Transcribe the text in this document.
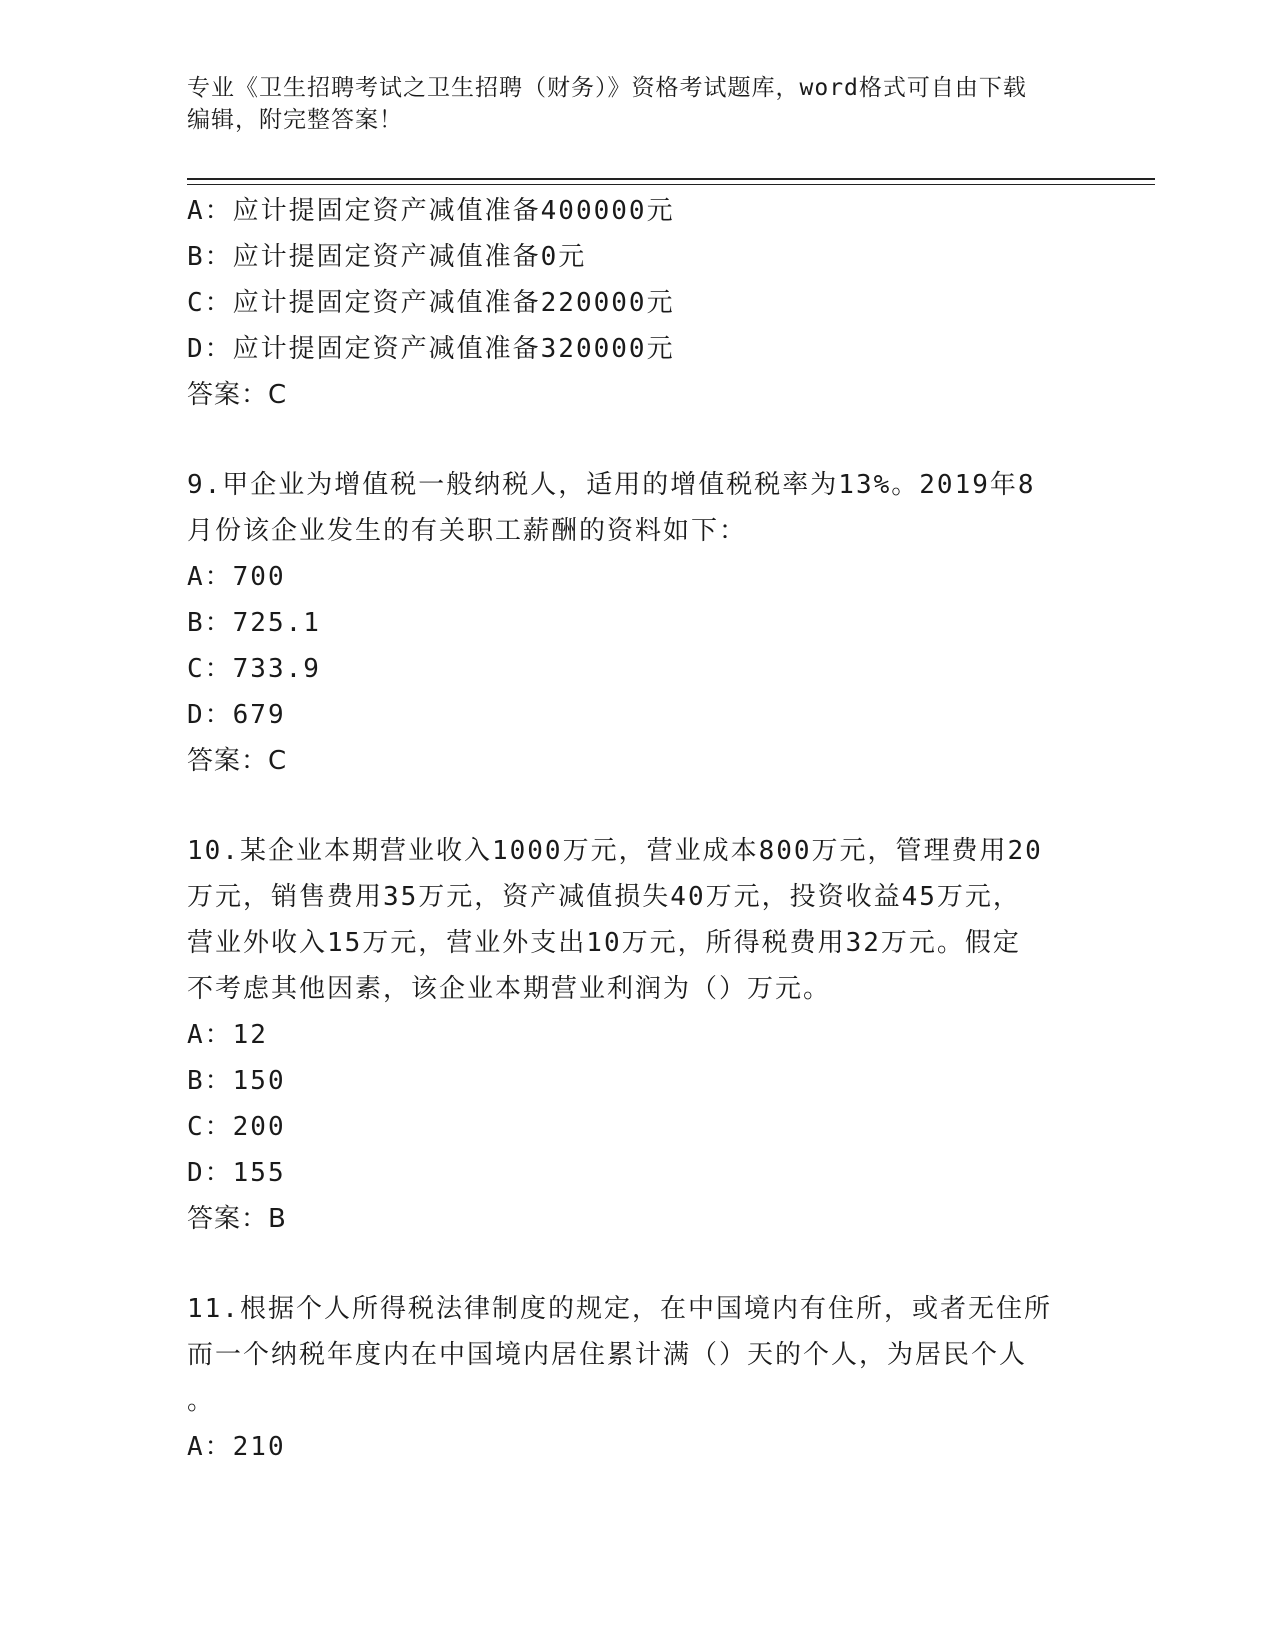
专业《卫生招聘考试之卫生招聘（财务）》资格考试题库，word格式可自由下载
编辑，附完整答案！
A：应计提固定资产减值准备400000元
B：应计提固定资产减值准备0元
C：应计提固定资产减值准备220000元
D：应计提固定资产减值准备320000元
答案：C
9.甲企业为增值税一般纳税人，适用的增值税税率为13%。2019年8
月份该企业发生的有关职工薪酬的资料如下：
A：700
B：725.1
C：733.9
D：679
答案：C
10.某企业本期营业收入1000万元，营业成本800万元，管理费用20
万元，销售费用35万元，资产减值损失40万元，投资收益45万元，
营业外收入15万元，营业外支出10万元，所得税费用32万元。假定
不考虑其他因素，该企业本期营业利润为（）万元。
A：12
B：150
C：200
D：155
答案：B
11.根据个人所得税法律制度的规定，在中国境内有住所，或者无住所
而一个纳税年度内在中国境内居住累计满（）天的个人，为居民个人
。
A：210
